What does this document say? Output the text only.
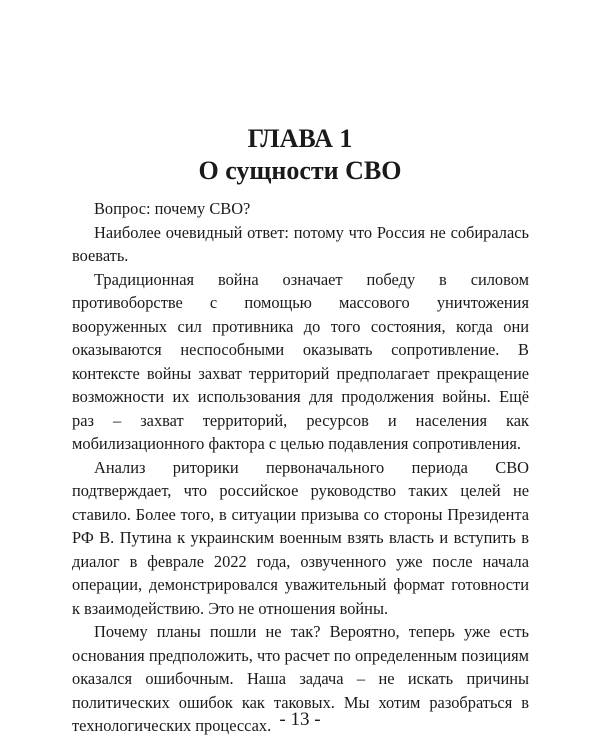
ГЛАВА 1
О сущности СВО

Вопрос: почему СВО?

Наиболее очевидный ответ: потому что Россия не собиралась воевать.

Традиционная война означает победу в силовом противоборстве с помощью массового уничтожения вооруженных сил противника до того состояния, когда они оказываются неспособными оказывать сопротивление. В контексте войны захват территорий предполагает прекращение возможности их использования для продолжения войны. Ещё раз – захват территорий, ресурсов и населения как мобилизационного фактора с целью подавления сопротивления.

Анализ риторики первоначального периода СВО подтверждает, что российское руководство таких целей не ставило. Более того, в ситуации призыва со стороны Президента РФ В. Путина к украинским военным взять власть и вступить в диалог в феврале 2022 года, озвученного уже после начала операции, демонстрировался уважительный формат готовности к взаимодействию. Это не отношения войны.

Почему планы пошли не так? Вероятно, теперь уже есть основания предположить, что расчет по определенным позициям оказался ошибочным. Наша задача – не искать причины политических ошибок как таковых. Мы хотим разобраться в технологических процессах. - 13 -
